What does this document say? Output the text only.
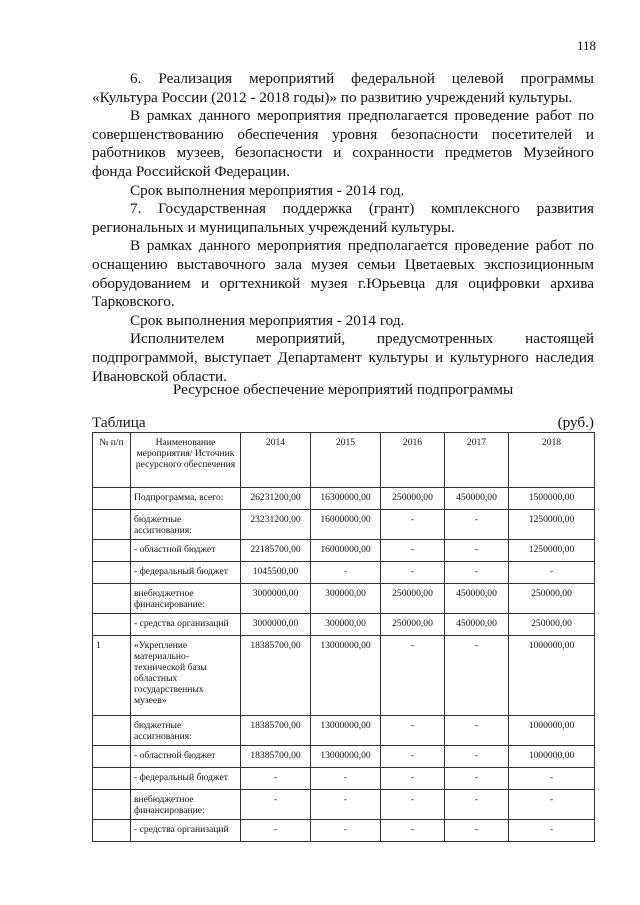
118

6. Реализация мероприятий федеральной целевой программы «Культура России (2012 - 2018 годы)» по развитию учреждений культуры.

В рамках данного мероприятия предполагается проведение работ по совершенствованию обеспечения уровня безопасности посетителей и работников музеев, безопасности и сохранности предметов Музейного фонда Российской Федерации.

Срок выполнения мероприятия - 2014 год.

7. Государственная поддержка (грант) комплексного развития региональных и муниципальных учреждений культуры.

В рамках данного мероприятия предполагается проведение работ по оснащению выставочного зала музея семьи Цветаевых экспозиционным оборудованием и оргтехникой музея г.Юрьевца для оцифровки архива Тарковского.

Срок выполнения мероприятия - 2014 год.

Исполнителем мероприятий, предусмотренных настоящей подпрограммой, выступает Департамент культуры и культурного наследия Ивановской области.

Ресурсное обеспечение мероприятий подпрограммы
Таблица	(руб.)
№ п/п	Наименование мероприятия/ Источник ресурсного обеспечения	2014	2015	2016	2017	2018
	Подпрограмма, всего:	26231200,00	16300000,00	250000,00	450000,00	1500000,00
	бюджетные ассигнования:	23231200,00	16000000,00	-	-	1250000,00
	- областной бюджет	22185700,00	16000000,00	-	-	1250000,00
	- федеральный бюджет	1045500,00	-	-	-	-
	внебюджетное финансирование:	3000000,00	300000,00	250000,00	450000,00	250000,00
	- средства организаций	3000000,00	300000,00	250000,00	450000,00	250000,00
1	«Укрепление материально-технической базы областных государственных музеев»	18385700,00	13000000,00	-	-	1000000,00
	бюджетные ассигнования:	18385700,00	13000000,00	-	-	1000000,00
	- областной бюджет	18385700,00	13000000,00	-	-	1000000,00
	- федеральный бюджет	-	-	-	-	-
	внебюджетное финансирование:	-	-	-	-	-
	- средства организаций	-	-	-	-	-
